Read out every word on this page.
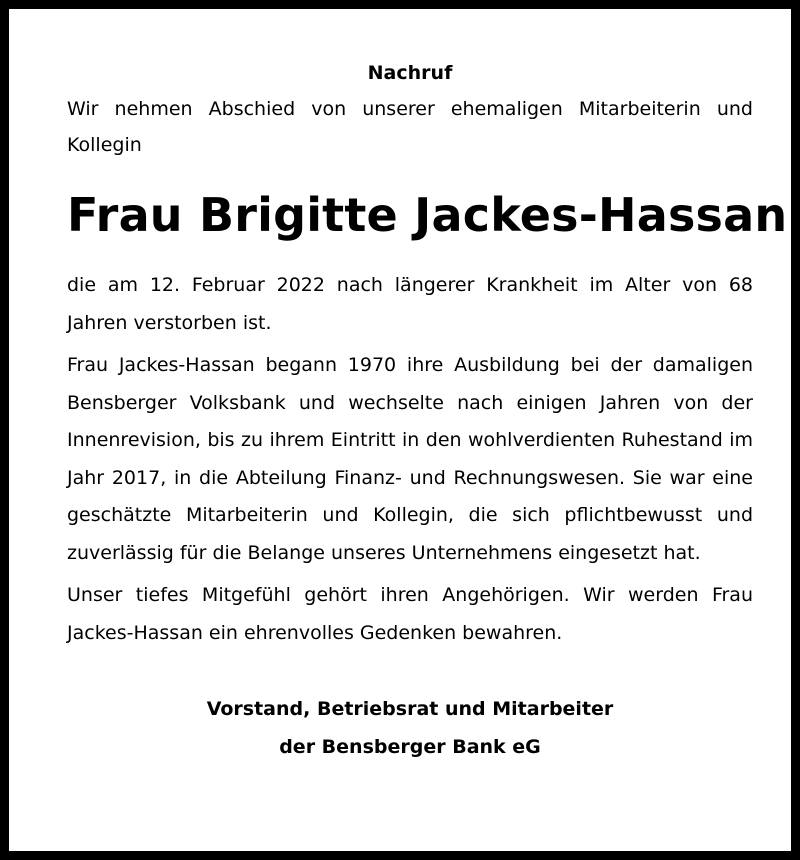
Nachruf

Wir nehmen Abschied von unserer ehemaligen Mitarbeiterin und Kollegin

Frau Brigitte Jackes-Hassan

die am 12. Februar 2022 nach längerer Krankheit im Alter von 68 Jahren verstorben ist.

Frau Jackes-Hassan begann 1970 ihre Ausbildung bei der damaligen Bensberger Volksbank und wechselte nach einigen Jahren von der Innenrevision, bis zu ihrem Eintritt in den wohlverdienten Ruhestand im Jahr 2017, in die Abteilung Finanz- und Rechnungswesen. Sie war eine geschätzte Mitarbeiterin und Kollegin, die sich pflichtbewusst und zuverlässig für die Belange unseres Unternehmens eingesetzt hat.

Unser tiefes Mitgefühl gehört ihren Angehörigen. Wir werden Frau Jackes-Hassan ein ehrenvolles Gedenken bewahren.

Vorstand, Betriebsrat und Mitarbeiter

der Bensberger Bank eG
